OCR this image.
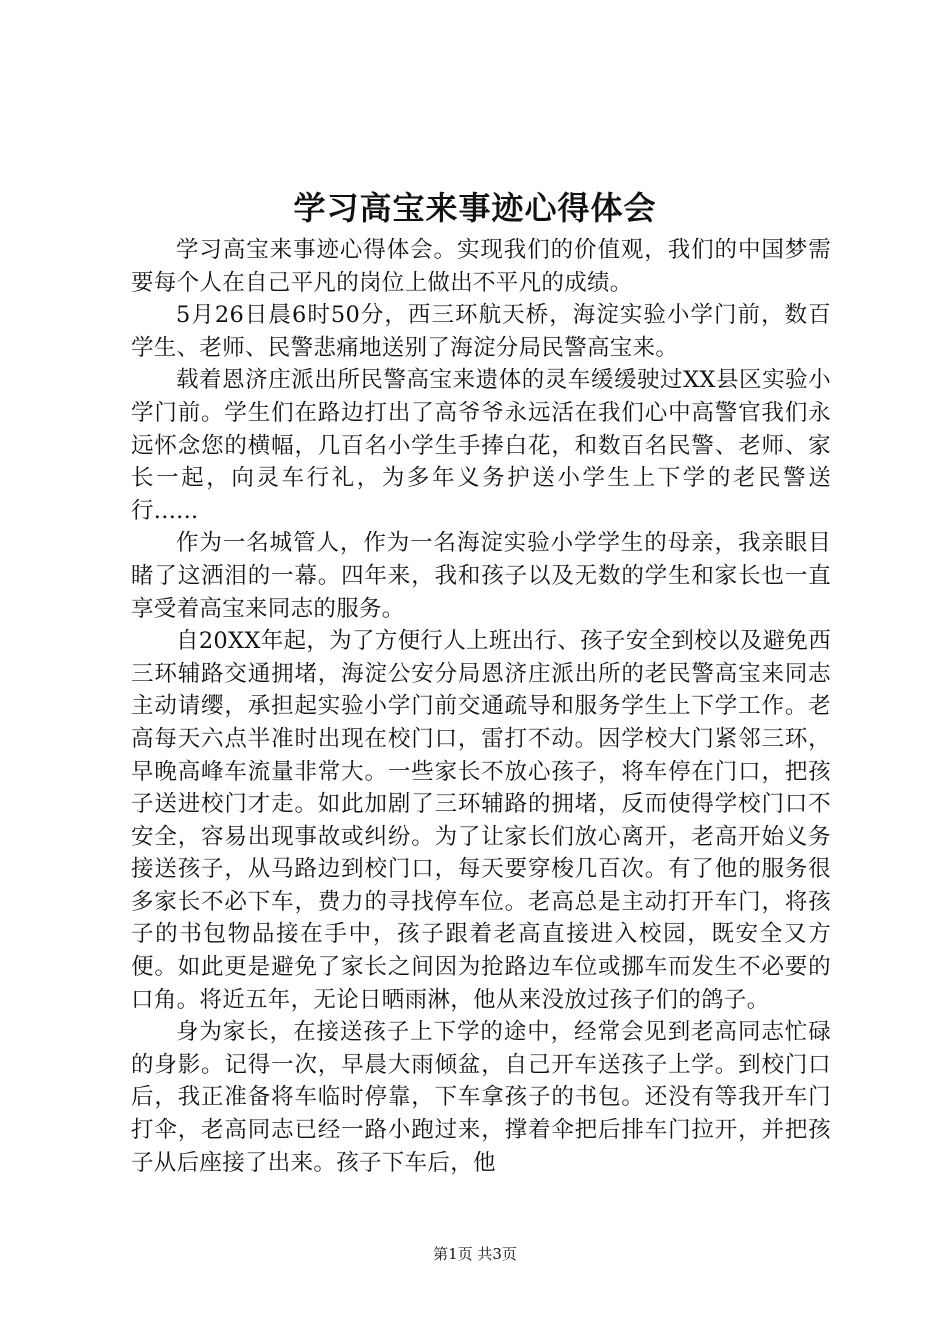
学习高宝来事迹心得体会

学习高宝来事迹心得体会。实现我们的价值观，我们的中国梦需要每个人在自己平凡的岗位上做出不平凡的成绩。

5月26日晨6时50分，西三环航天桥，海淀实验小学门前，数百学生、老师、民警悲痛地送别了海淀分局民警高宝来。

载着恩济庄派出所民警高宝来遗体的灵车缓缓驶过XX县区实验小学门前。学生们在路边打出了高爷爷永远活在我们心中高警官我们永远怀念您的横幅，几百名小学生手捧白花，和数百名民警、老师、家长一起，向灵车行礼，为多年义务护送小学生上下学的老民警送行......

作为一名城管人，作为一名海淀实验小学学生的母亲，我亲眼目睹了这洒泪的一幕。四年来，我和孩子以及无数的学生和家长也一直享受着高宝来同志的服务。

自20XX年起，为了方便行人上班出行、孩子安全到校以及避免西三环辅路交通拥堵，海淀公安分局恩济庄派出所的老民警高宝来同志主动请缨，承担起实验小学门前交通疏导和服务学生上下学工作。老高每天六点半准时出现在校门口，雷打不动。因学校大门紧邻三环，早晚高峰车流量非常大。一些家长不放心孩子，将车停在门口，把孩子送进校门才走。如此加剧了三环辅路的拥堵，反而使得学校门口不安全，容易出现事故或纠纷。为了让家长们放心离开，老高开始义务接送孩子，从马路边到校门口，每天要穿梭几百次。有了他的服务很多家长不必下车，费力的寻找停车位。老高总是主动打开车门，将孩子的书包物品接在手中，孩子跟着老高直接进入校园，既安全又方便。如此更是避免了家长之间因为抢路边车位或挪车而发生不必要的口角。将近五年，无论日晒雨淋，他从来没放过孩子们的鸽子。

身为家长，在接送孩子上下学的途中，经常会见到老高同志忙碌的身影。记得一次，早晨大雨倾盆，自己开车送孩子上学。到校门口后，我正准备将车临时停靠，下车拿孩子的书包。还没有等我开车门打伞，老高同志已经一路小跑过来，撑着伞把后排车门拉开，并把孩子从后座接了出来。孩子下车后，他

第1页 共3页
